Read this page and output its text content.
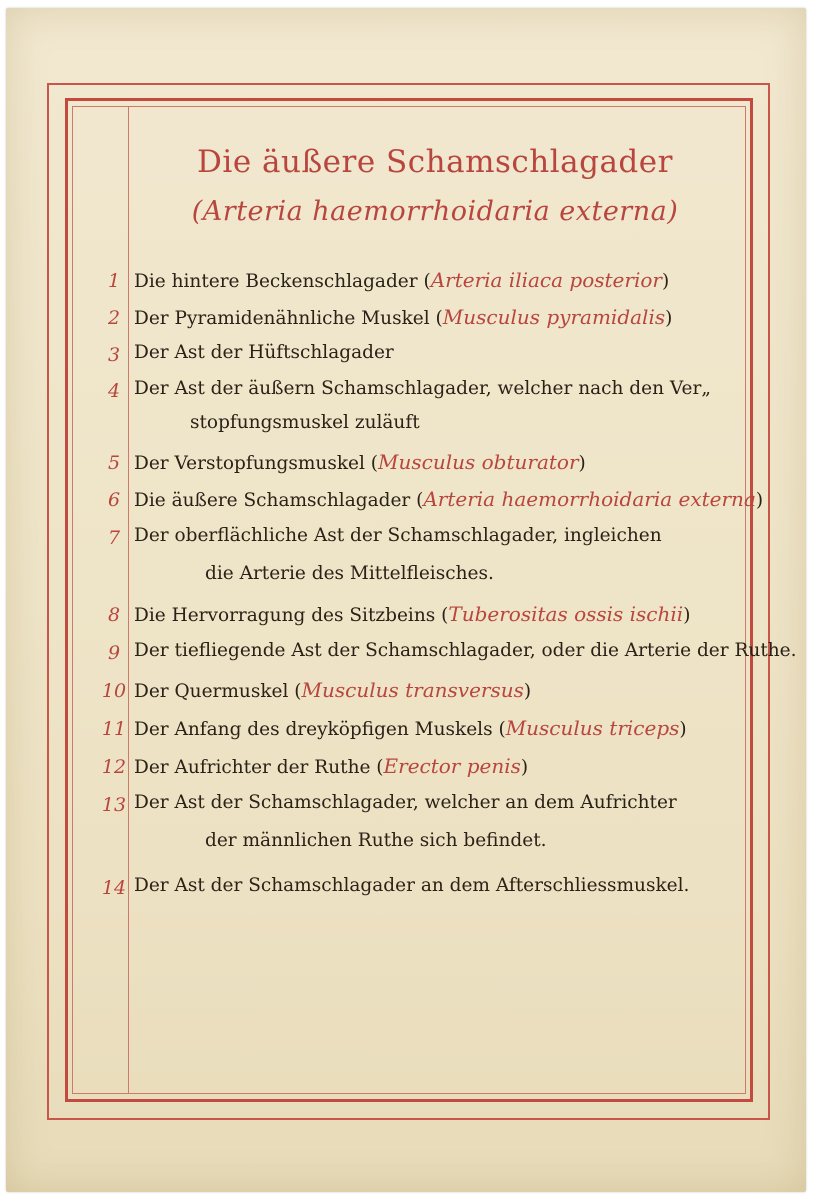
Die äußere Schamschlagader
(Arteria haemorrhoidaria externa)
1 Die hintere Beckenschlagader (Arteria iliaca posterior)
2 Der Pyramidenähnliche Muskel (Musculus pyramidalis)
3 Der Ast der Hüftschlagader
4 Der Ast der äußern Schamschlagader, welcher nach den Ver„
stopfungsmuskel zuläuft
5 Der Verstopfungsmuskel (Musculus obturator)
6 Die äußere Schamschlagader (Arteria haemorrhoidaria externa)
7 Der oberflächliche Ast der Schamschlagader, ingleichen
die Arterie des Mittelfleisches.
8 Die Hervorragung des Sitzbeins (Tuberositas ossis ischii)
9 Der tiefliegende Ast der Schamschlagader, oder die Arterie der Ruthe.
10 Der Quermuskel (Musculus transversus)
11 Der Anfang des dreyköpfigen Muskels (Musculus triceps)
12 Der Aufrichter der Ruthe (Erector penis)
13 Der Ast der Schamschlagader, welcher an dem Aufrichter
der männlichen Ruthe sich befindet.
14 Der Ast der Schamschlagader an dem Afterschliessmuskel.
